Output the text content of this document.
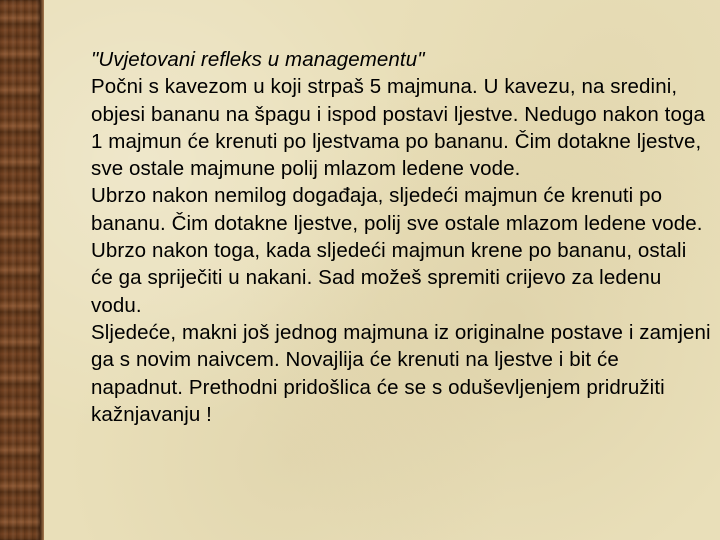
"Uvjetovani refleks u managementu"

Počni s kavezom u koji strpaš 5 majmuna. U kavezu, na sredini, objesi bananu na špagu i ispod postavi ljestve. Nedugo nakon toga 1 majmun će krenuti po ljestvama po bananu. Čim dotakne ljestve, sve ostale majmune polij mlazom ledene vode.

Ubrzo nakon nemilog događaja, sljedeći majmun će krenuti po bananu. Čim dotakne ljestve, polij sve ostale mlazom ledene vode.

Ubrzo nakon toga, kada sljedeći majmun krene po bananu, ostali će ga spriječiti u nakani. Sad možeš spremiti crijevo za ledenu vodu.

Sljedeće, makni još jednog majmuna iz originalne postave i zamjeni ga s novim naivcem. Novajlija će krenuti na ljestve i bit će napadnut. Prethodni pridošlica će se s oduševljenjem pridružiti kažnjavanju !
